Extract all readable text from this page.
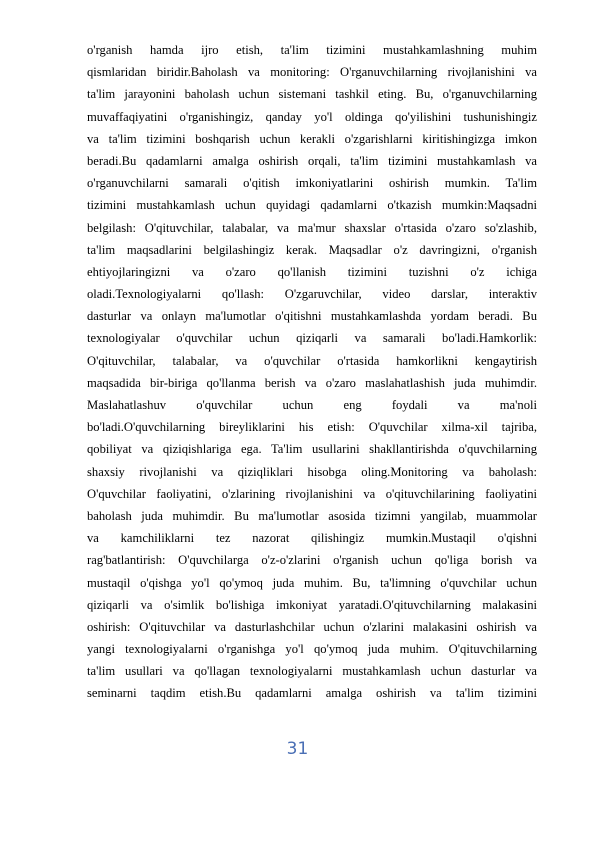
o'rganish hamda ijro etish, ta'lim tizimini mustahkamlashning muhim
qismlaridan biridir.Baholash va monitoring: O'rganuvchilarning rivojlanishini va
ta'lim jarayonini baholash uchun sistemani tashkil eting. Bu, o'rganuvchilarning
muvaffaqiyatini o'rganishingiz, qanday yo'l oldinga qo'yilishini tushunishingiz
va ta'lim tizimini boshqarish uchun kerakli o'zgarishlarni kiritishingizga imkon
beradi.Bu qadamlarni amalga oshirish orqali, ta'lim tizimini mustahkamlash va
o'rganuvchilarni samarali o'qitish imkoniyatlarini oshirish mumkin. Ta'lim
tizimini mustahkamlash uchun quyidagi qadamlarni o'tkazish mumkin:Maqsadni
belgilash: O'qituvchilar, talabalar, va ma'mur shaxslar o'rtasida o'zaro so'zlashib,
ta'lim maqsadlarini belgilashingiz kerak. Maqsadlar o'z davringizni, o'rganish
ehtiyojlaringizni va o'zaro qo'llanish tizimini tuzishni o'z ichiga
oladi.Texnologiyalarni qo'llash: O'zgaruvchilar, video darslar, interaktiv
dasturlar va onlayn ma'lumotlar o'qitishni mustahkamlashda yordam beradi. Bu
texnologiyalar o'quvchilar uchun qiziqarli va samarali bo'ladi.Hamkorlik:
O'qituvchilar, talabalar, va o'quvchilar o'rtasida hamkorlikni kengaytirish
maqsadida bir-biriga qo'llanma berish va o'zaro maslahatlashish juda muhimdir.
Maslahatlashuv o'quvchilar uchun eng foydali va ma'noli
bo'ladi.O'quvchilarning bireyliklarini his etish: O'quvchilar xilma-xil tajriba,
qobiliyat va qiziqishlariga ega. Ta'lim usullarini shakllantirishda o'quvchilarning
shaxsiy rivojlanishi va qiziqliklari hisobga oling.Monitoring va baholash:
O'quvchilar faoliyatini, o'zlarining rivojlanishini va o'qituvchilarining faoliyatini
baholash juda muhimdir. Bu ma'lumotlar asosida tizimni yangilab, muammolar
va kamchiliklarni tez nazorat qilishingiz mumkin.Mustaqil o'qishni
rag'batlantirish: O'quvchilarga o'z-o'zlarini o'rganish uchun qo'liga borish va
mustaqil o'qishga yo'l qo'ymoq juda muhim. Bu, ta'limning o'quvchilar uchun
qiziqarli va o'simlik bo'lishiga imkoniyat yaratadi.O'qituvchilarning malakasini
oshirish: O'qituvchilar va dasturlashchilar uchun o'zlarini malakasini oshirish va
yangi texnologiyalarni o'rganishga yo'l qo'ymoq juda muhim. O'qituvchilarning
ta'lim usullari va qo'llagan texnologiyalarni mustahkamlash uchun dasturlar va
seminarni taqdim etish.Bu qadamlarni amalga oshirish va ta'lim tizimini
31
